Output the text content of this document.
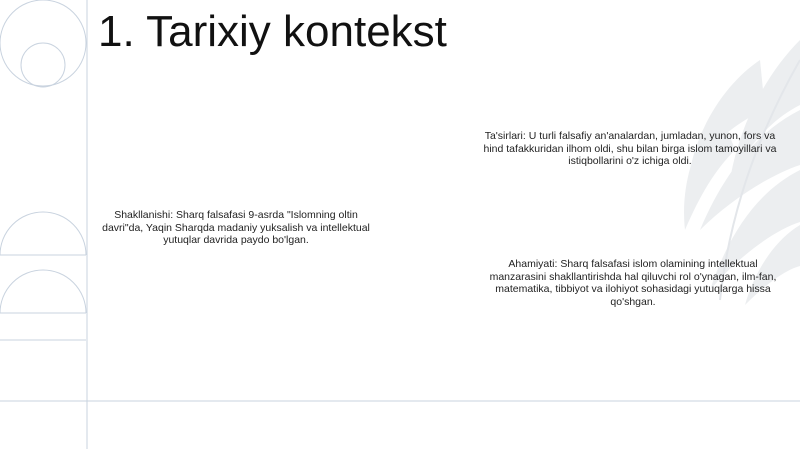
1. Tarixiy kontekst

Ta'sirlari: U turli falsafiy an'analardan, jumladan, yunon, fors va hind tafakkuridan ilhom oldi, shu bilan birga islom tamoyillari va istiqbollarini o'z ichiga oldi.

Shakllanishi: Sharq falsafasi 9-asrda "Islomning oltin davri"da, Yaqin Sharqda madaniy yuksalish va intellektual yutuqlar davrida paydo bo'lgan.

Ahamiyati: Sharq falsafasi islom olamining intellektual manzarasini shakllantirishda hal qiluvchi rol o'ynagan, ilm-fan, matematika, tibbiyot va ilohiyot sohasidagi yutuqlarga hissa qo'shgan.
